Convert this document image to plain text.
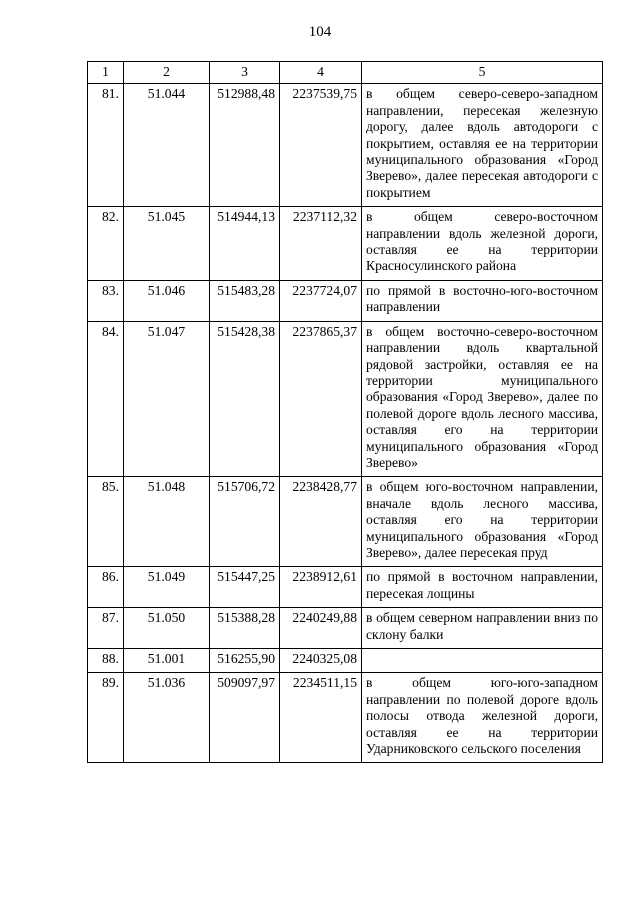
104
1	2	3	4	5
81.	51.044	512988,48	2237539,75	в общем северо-северо-западном направлении, пересекая железную дорогу, далее вдоль автодороги с покрытием, оставляя ее на территории муниципального образования «Город Зверево», далее пересекая автодороги с покрытием
82.	51.045	514944,13	2237112,32	в общем северо-восточном направлении вдоль железной дороги, оставляя ее на территории Красносулинского района
83.	51.046	515483,28	2237724,07	по прямой в восточно-юго-восточном направлении
84.	51.047	515428,38	2237865,37	в общем восточно-северо-восточном направлении вдоль квартальной рядовой застройки, оставляя ее на территории муниципального образования «Город Зверево», далее по полевой дороге вдоль лесного массива, оставляя его на территории муниципального образования «Город Зверево»
85.	51.048	515706,72	2238428,77	в общем юго-восточном направлении, вначале вдоль лесного массива, оставляя его на территории муниципального образования «Город Зверево», далее пересекая пруд
86.	51.049	515447,25	2238912,61	по прямой в восточном направлении, пересекая лощины
87.	51.050	515388,28	2240249,88	в общем северном направлении вниз по склону балки
88.	51.001	516255,90	2240325,08	
89.	51.036	509097,97	2234511,15	в общем юго-юго-западном направлении по полевой дороге вдоль полосы отвода железной дороги, оставляя ее на территории Ударниковского сельского поселения
